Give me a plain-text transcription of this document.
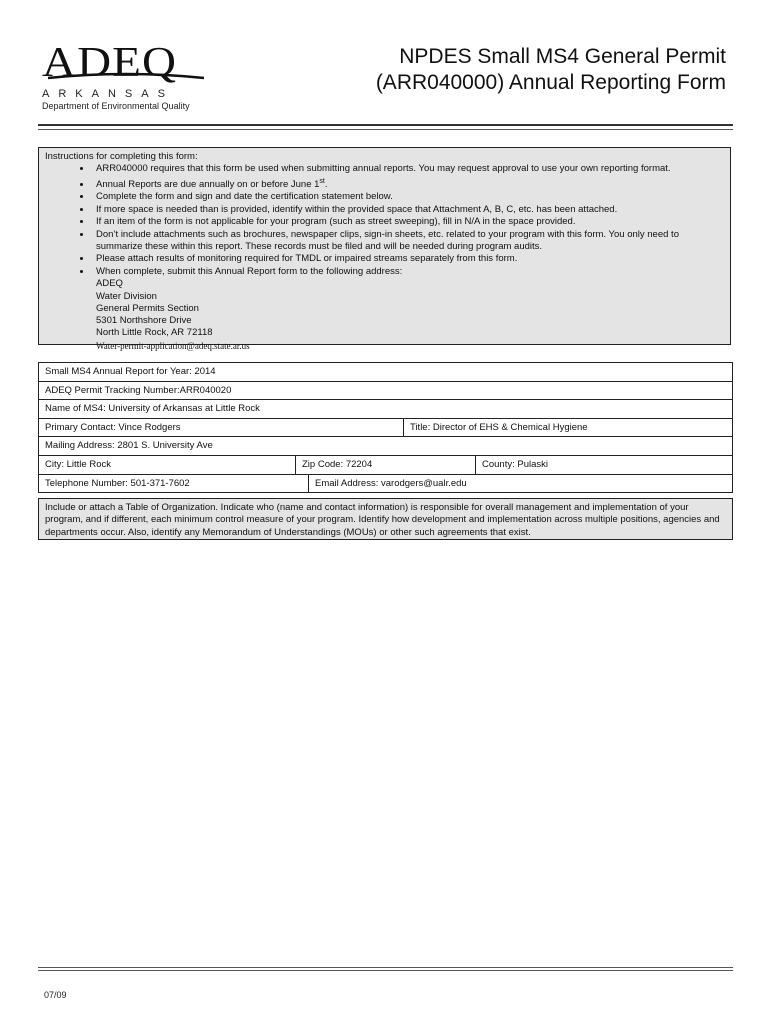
ADEQ
ARKANSAS
Department of Environmental Quality
NPDES Small MS4 General Permit
(ARR040000) Annual Reporting Form
Instructions for completing this form:
• ARR040000 requires that this form be used when submitting annual reports. You may request approval to use your own reporting format.
• Annual Reports are due annually on or before June 1st.
• Complete the form and sign and date the certification statement below.
• If more space is needed than is provided, identify within the provided space that Attachment A, B, C, etc. has been attached.
• If an item of the form is not applicable for your program (such as street sweeping), fill in N/A in the space provided.
• Don’t include attachments such as brochures, newspaper clips, sign-in sheets, etc. related to your program with this form. You only need to summarize these within this report. These records must be filed and will be needed during program audits.
• Please attach results of monitoring required for TMDL or impaired streams separately from this form.
• When complete, submit this Annual Report form to the following address:
ADEQ
Water Division
General Permits Section
5301 Northshore Drive
North Little Rock, AR 72118
Water-permit-application@adeq.state.ar.us
Small MS4 Annual Report for Year: 2014
ADEQ Permit Tracking Number:ARR040020
Name of MS4: University of Arkansas at Little Rock
Primary Contact: Vince Rodgers	Title: Director of EHS & Chemical Hygiene
Mailing Address: 2801 S. University Ave
City: Little Rock	Zip Code: 72204	County: Pulaski
Telephone Number: 501-371-7602	Email Address: varodgers@ualr.edu
Include or attach a Table of Organization. Indicate who (name and contact information) is responsible for overall management and implementation of your program, and if different, each minimum control measure of your program. Identify how development and implementation across multiple positions, agencies and departments occur. Also, identify any Memorandum of Understandings (MOUs) or other such agreements that exist.
07/09
